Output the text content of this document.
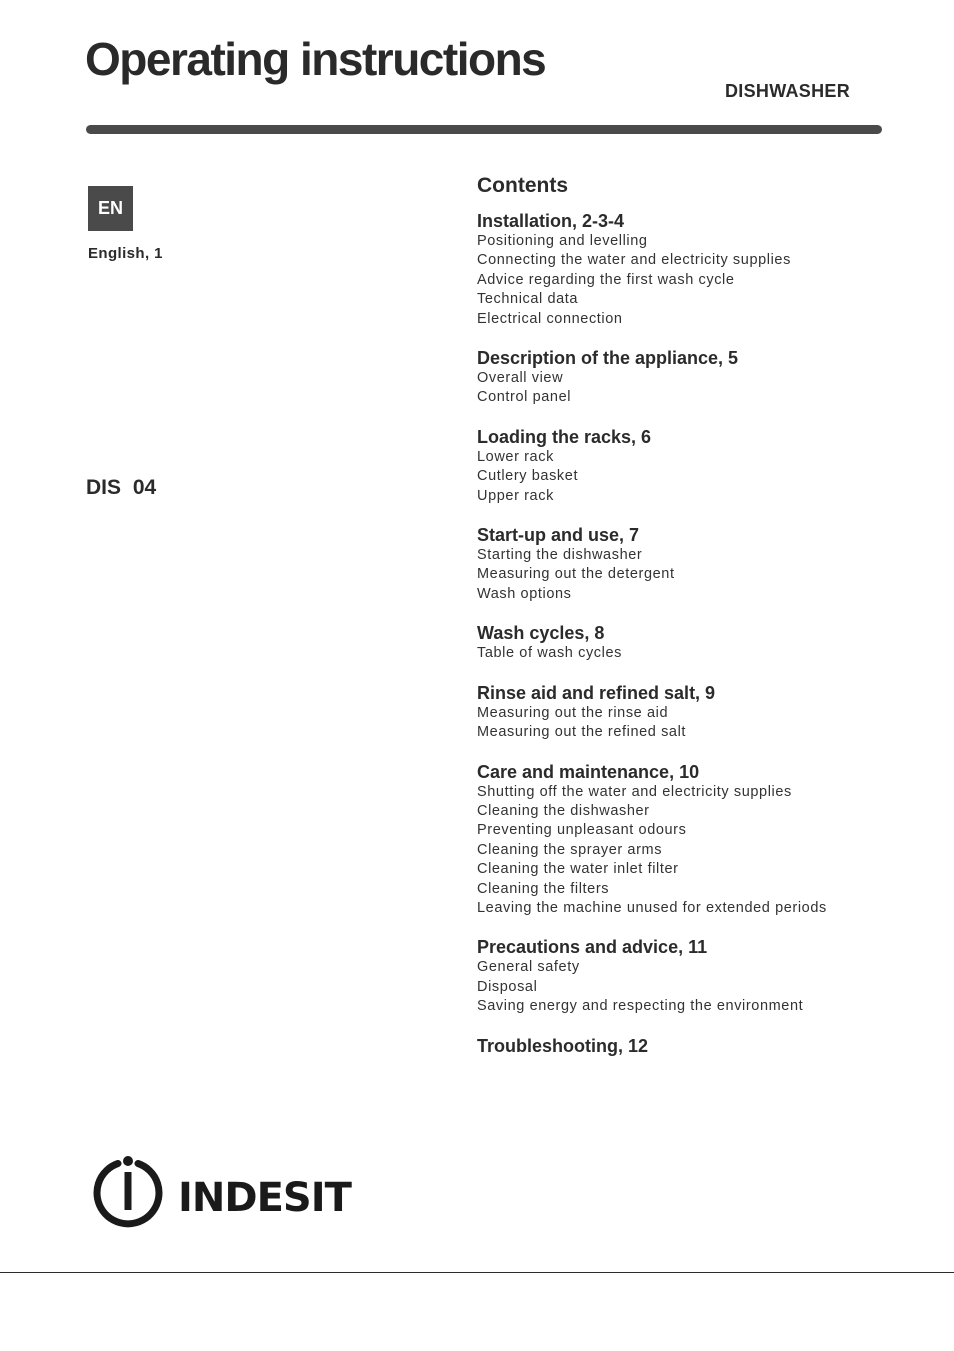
Operating instructions
DISHWASHER
EN
English, 1
DIS 04
Contents
Installation, 2-3-4
Positioning and levelling
Connecting the water and electricity supplies
Advice regarding the first wash cycle
Technical data
Electrical connection
Description of the appliance, 5
Overall view
Control panel
Loading the racks, 6
Lower rack
Cutlery basket
Upper rack
Start-up and use, 7
Starting the dishwasher
Measuring out the detergent
Wash options
Wash cycles, 8
Table of wash cycles
Rinse aid and refined salt, 9
Measuring out the rinse aid
Measuring out the refined salt
Care and maintenance, 10
Shutting off the water and electricity supplies
Cleaning the dishwasher
Preventing unpleasant odours
Cleaning the sprayer arms
Cleaning the water inlet filter
Cleaning the filters
Leaving the machine unused for extended periods
Precautions and advice, 11
General safety
Disposal
Saving energy and respecting the environment
Troubleshooting, 12
INDESIT
